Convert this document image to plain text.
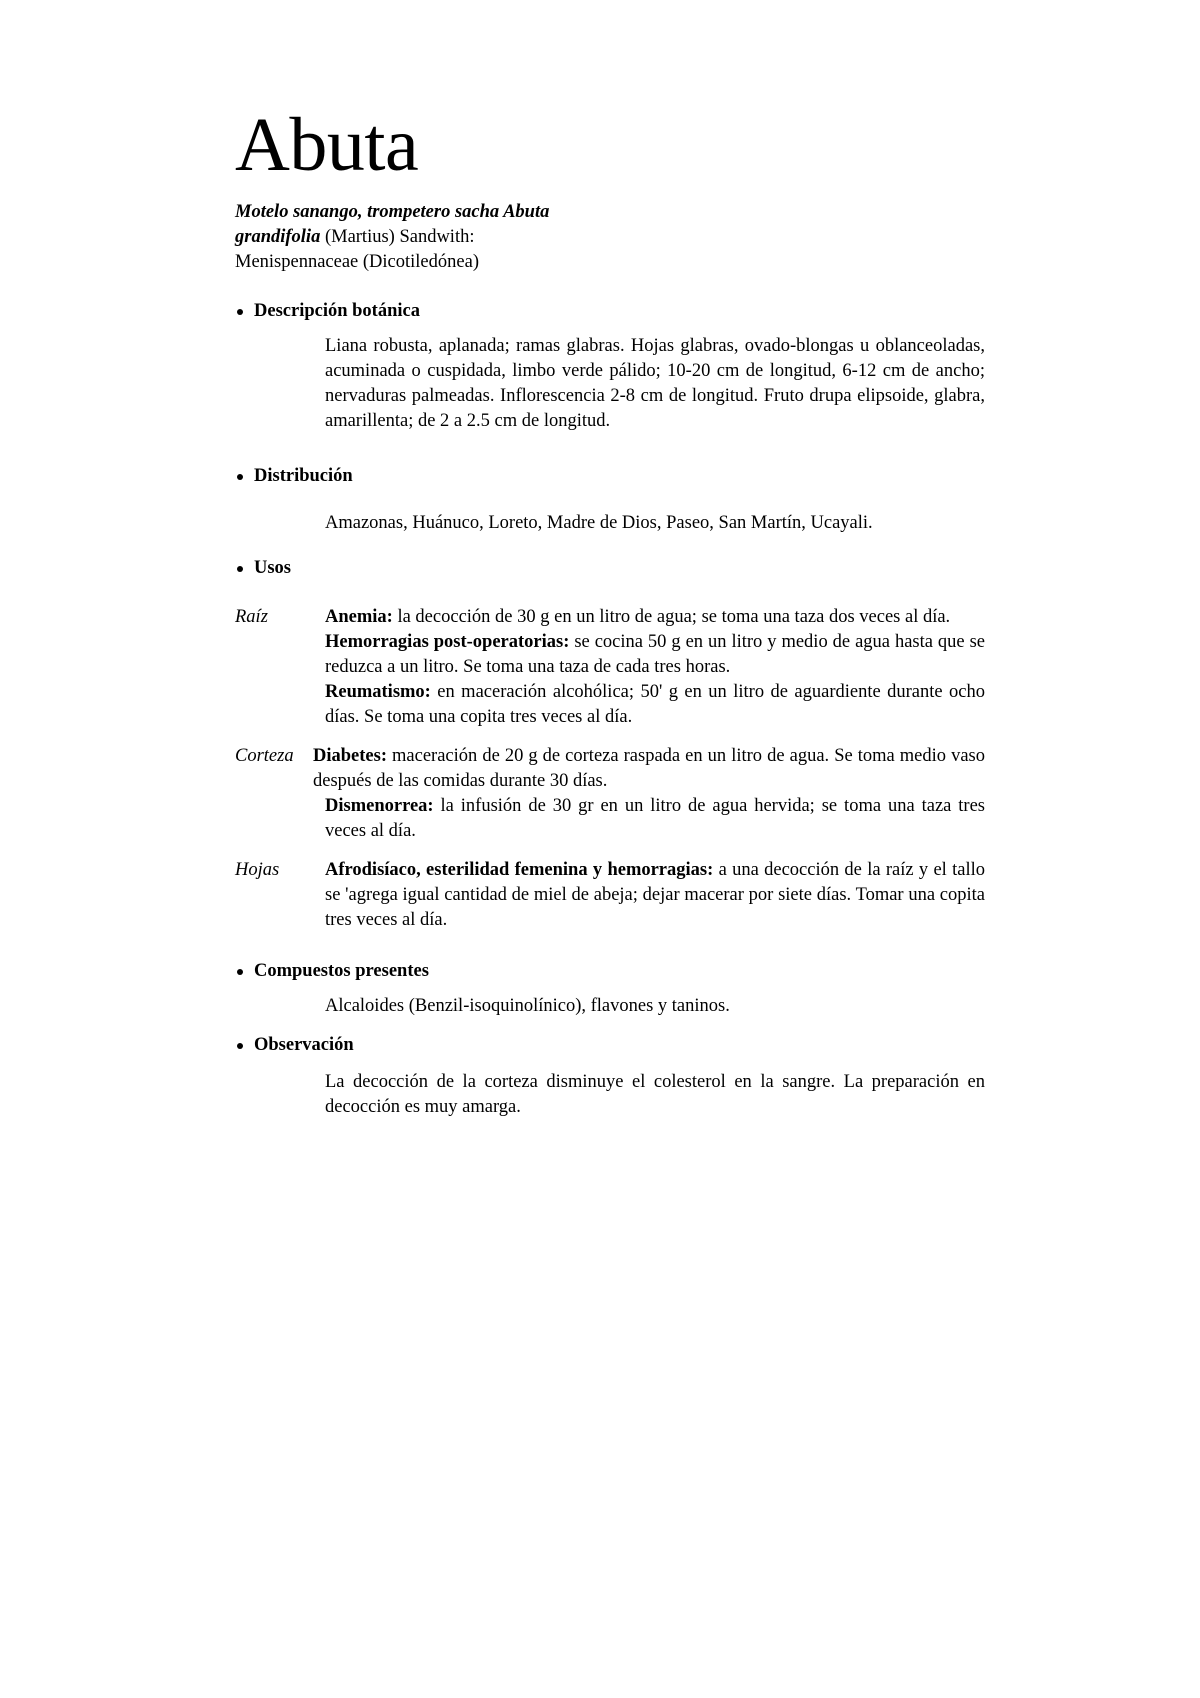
Abuta
Motelo sanango, trompetero sacha Abuta grandifolia (Martius) Sandwith:
Menispennaceae (Dicotiledónea)
Descripción botánica
Liana robusta, aplanada; ramas glabras. Hojas glabras, ovado-blongas u oblanceoladas, acuminada o cuspidada, limbo verde pálido; 10-20 cm de longitud, 6-12 cm de ancho; nervaduras palmeadas. Inflorescencia 2-8 cm de longitud. Fruto drupa elipsoide, glabra, amarillenta; de 2 a 2.5 cm de longitud.
Distribución
Amazonas, Huánuco, Loreto, Madre de Dios, Paseo, San Martín, Ucayali.
Usos
Raíz	Anemia: la decocción de 30 g en un litro de agua; se toma una taza dos veces al día.
Hemorragias post-operatorias: se cocina 50 g en un litro y medio de agua hasta que se reduzca a un litro. Se toma una taza de cada tres horas.
Reumatismo: en maceración alcohólica; 50' g en un litro de aguardiente durante ocho días. Se toma una copita tres veces al día.
Corteza	Diabetes: maceración de 20 g de corteza raspada en un litro de agua. Se toma medio vaso después de las comidas durante 30 días.
Dismenorrea: la infusión de 30 gr en un litro de agua hervida; se toma una taza tres veces al día.
Hojas	Afrodisíaco, esterilidad femenina y hemorragias: a una decocción de la raíz y el tallo se 'agrega igual cantidad de miel de abeja; dejar macerar por siete días. Tomar una copita tres veces al día.
Compuestos presentes
Alcaloides (Benzil-isoquinolínico), flavones y taninos.
Observación
La decocción de la corteza disminuye el colesterol en la sangre. La preparación en decocción es muy amarga.
